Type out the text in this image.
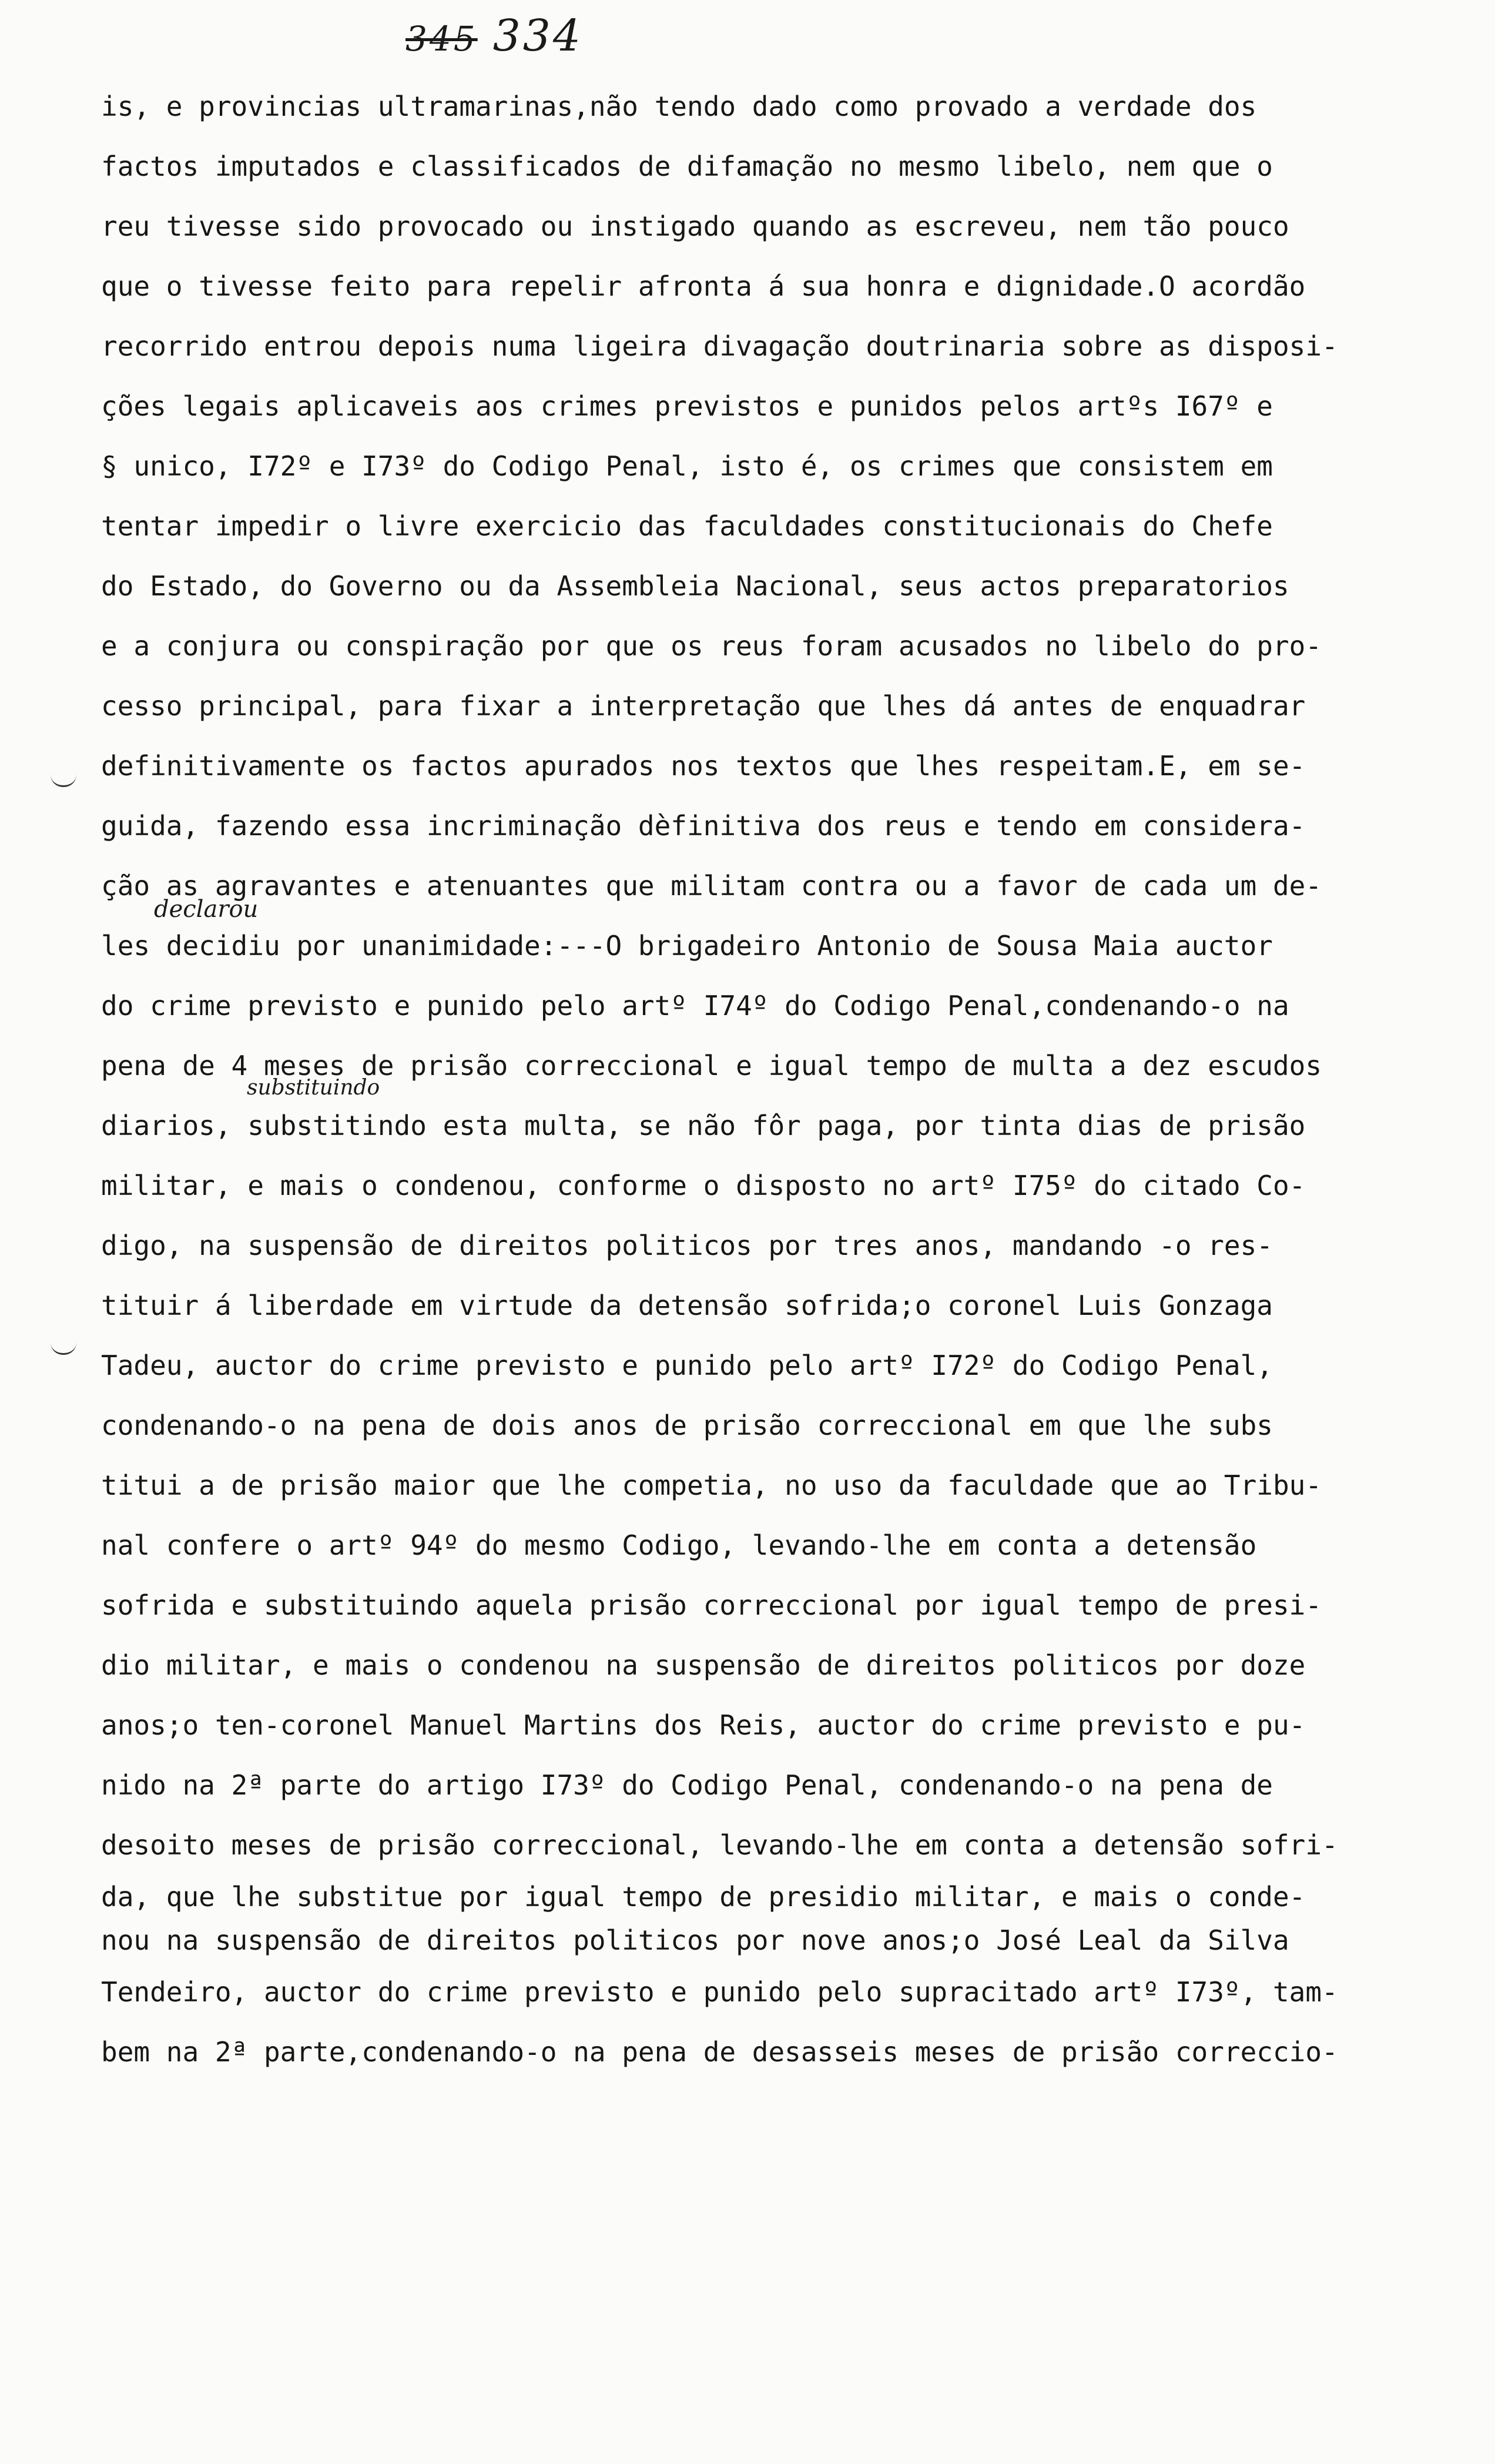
345 334
declarou
substituindo
is, e provincias ultramarinas,não tendo dado como provado a verdade dos
factos imputados e classificados de difamação no mesmo libelo, nem que o
reu tivesse sido provocado ou instigado quando as escreveu, nem tão pouco
que o tivesse feito para repelir afronta á sua honra e dignidade.O acordão
recorrido entrou depois numa ligeira divagação doutrinaria sobre as disposi-
ções legais aplicaveis aos crimes previstos e punidos pelos artºs I67º e
§ unico, I72º e I73º do Codigo Penal, isto é, os crimes que consistem em
tentar impedir o livre exercicio das faculdades constitucionais do Chefe
do Estado, do Governo ou da Assembleia Nacional, seus actos preparatorios
e a conjura ou conspiração por que os reus foram acusados no libelo do pro-
cesso principal, para fixar a interpretação que lhes dá antes de enquadrar
definitivamente os factos apurados nos textos que lhes respeitam.E, em se-
guida, fazendo essa incriminação dèfinitiva dos reus e tendo em considera-
ção as agravantes e atenuantes que militam contra ou a favor de cada um de-
les decidiu por unanimidade:---O brigadeiro Antonio de Sousa Maia auctor
do crime previsto e punido pelo artº I74º do Codigo Penal,condenando-o na
pena de 4 meses de prisão correccional e igual tempo de multa a dez escudos
diarios, substitindo esta multa, se não fôr paga, por tinta dias de prisão
militar, e mais o condenou, conforme o disposto no artº I75º do citado Co-
digo, na suspensão de direitos politicos por tres anos, mandando -o res-
tituir á liberdade em virtude da detensão sofrida;o coronel Luis Gonzaga
Tadeu, auctor do crime previsto e punido pelo artº I72º do Codigo Penal,
condenando-o na pena de dois anos de prisão correccional em que lhe subs
titui a de prisão maior que lhe competia, no uso da faculdade que ao Tribu-
nal confere o artº 94º do mesmo Codigo, levando-lhe em conta a detensão
sofrida e substituindo aquela prisão correccional por igual tempo de presi-
dio militar, e mais o condenou na suspensão de direitos politicos por doze
anos;o ten-coronel Manuel Martins dos Reis, auctor do crime previsto e pu-
nido na 2ª parte do artigo I73º do Codigo Penal, condenando-o na pena de
desoito meses de prisão correccional, levando-lhe em conta a detensão sofri-
da, que lhe substitue por igual tempo de presidio militar, e mais o conde-
nou na suspensão de direitos politicos por nove anos;o José Leal da Silva
Tendeiro, auctor do crime previsto e punido pelo supracitado artº I73º, tam-
bem na 2ª parte,condenando-o na pena de desasseis meses de prisão correccio-
